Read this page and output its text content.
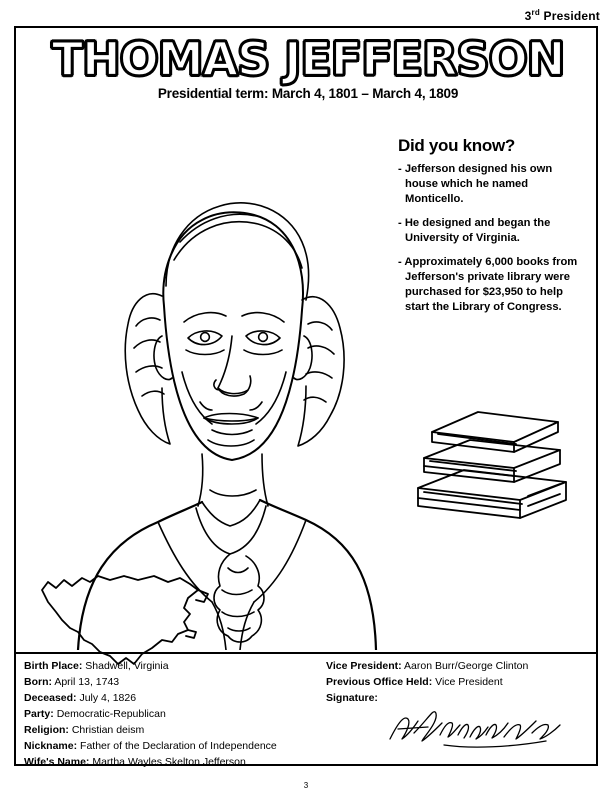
3rd President
THOMAS JEFFERSON
Presidential term: March 4, 1801 – March 4, 1809
Did you know?
- Jefferson designed his own house which he named Monticello.
- He designed and began the University of Virginia.
- Approximately 6,000 books from Jefferson's private library were purchased for $23,950 to help start the Library of Congress.
Birth Place: Shadwell, Virginia
Born: April 13, 1743
Deceased: July 4, 1826
Party: Democratic-Republican
Religion: Christian deism
Nickname: Father of the Declaration of Independence
Wife's Name: Martha Wayles Skelton Jefferson
Vice President: Aaron Burr/George Clinton
Previous Office Held: Vice President
Signature:
3
